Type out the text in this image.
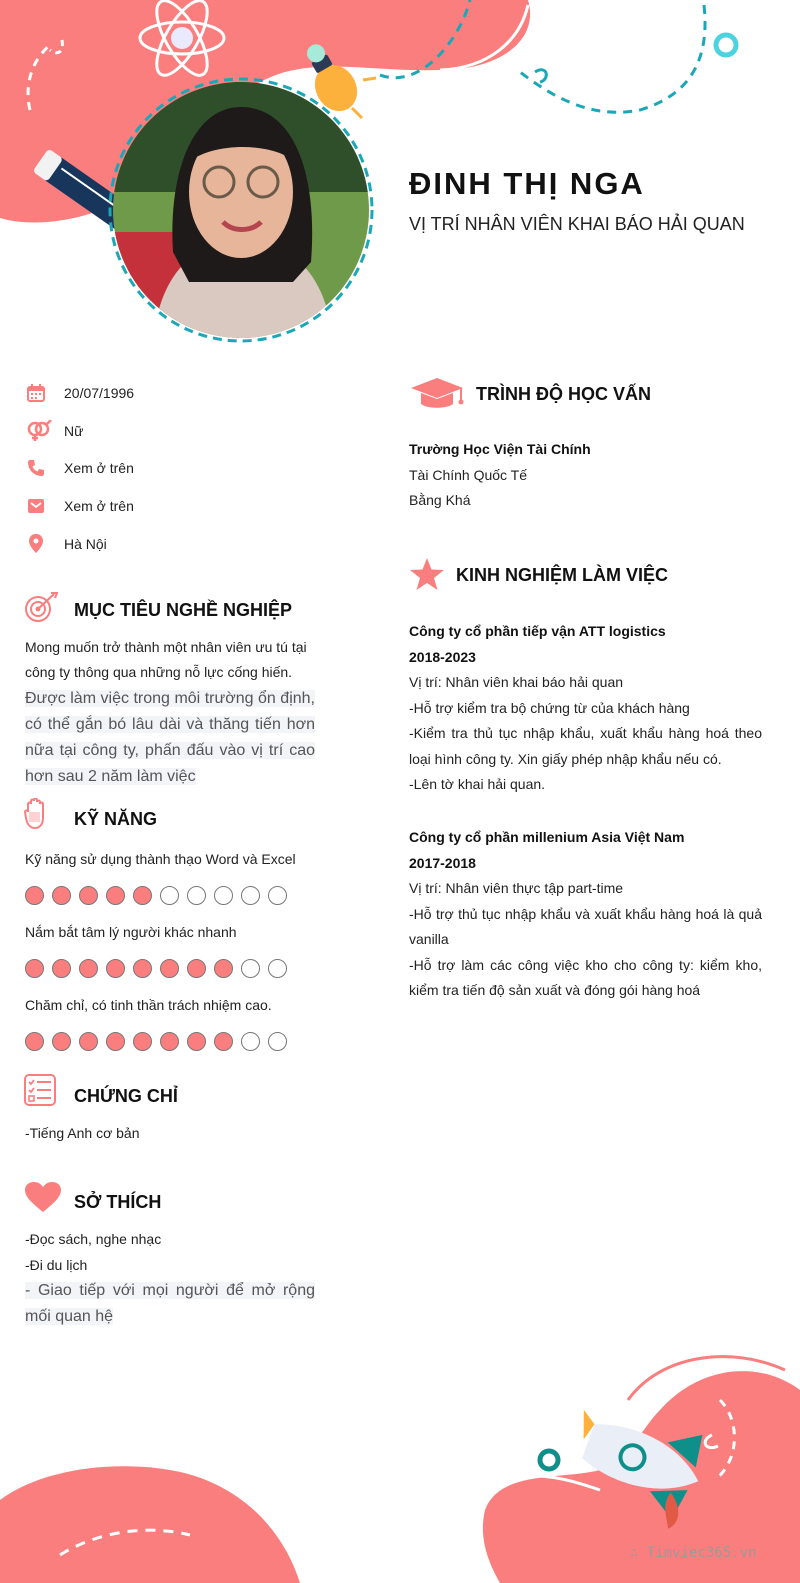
ĐINH THỊ NGA

VỊ TRÍ NHÂN VIÊN KHAI BÁO HẢI QUAN

20/07/1996
Nữ
Xem ở trên
Xem ở trên
Hà Nội
MỤC TIÊU NGHỀ NGHIỆP
Mong muốn trở thành một nhân viên ưu tú tại công ty thông qua những nỗ lực cống hiến.
Được làm việc trong môi trường ổn định, có thể gắn bó lâu dài và thăng tiến hơn nữa tại công ty, phấn đấu vào vị trí cao hơn sau 2 năm làm việc
KỸ NĂNG
Kỹ năng sử dụng thành thạo Word và Excel
Nắm bắt tâm lý người khác nhanh
Chăm chỉ, có tinh thần trách nhiệm cao.
CHỨNG CHỈ
-Tiếng Anh cơ bản
SỞ THÍCH
-Đọc sách, nghe nhạc
-Đi du lịch
- Giao tiếp với mọi người để mở rộng mối quan hệ
TRÌNH ĐỘ HỌC VẤN
Trường Học Viện Tài Chính
Tài Chính Quốc Tế
Bằng Khá
KINH NGHIỆM LÀM VIỆC
Công ty cổ phần tiếp vận ATT logistics
2018-2023
Vị trí: Nhân viên khai báo hải quan
-Hỗ trợ kiểm tra bộ chứng từ của khách hàng
-Kiểm tra thủ tục nhập khẩu, xuất khẩu hàng hoá theo loại hình công ty. Xin giấy phép nhập khẩu nếu có.
-Lên tờ khai hải quan.
Công ty cổ phần millenium Asia Việt Nam
2017-2018
Vị trí: Nhân viên thực tập part-time
-Hỗ trợ thủ tục nhập khẩu và xuất khẩu hàng hoá là quả vanilla
-Hỗ trợ làm các công việc kho cho công ty: kiểm kho, kiểm tra tiến độ sản xuất và đóng gói hàng hoá
∴ Timviec365.vn
